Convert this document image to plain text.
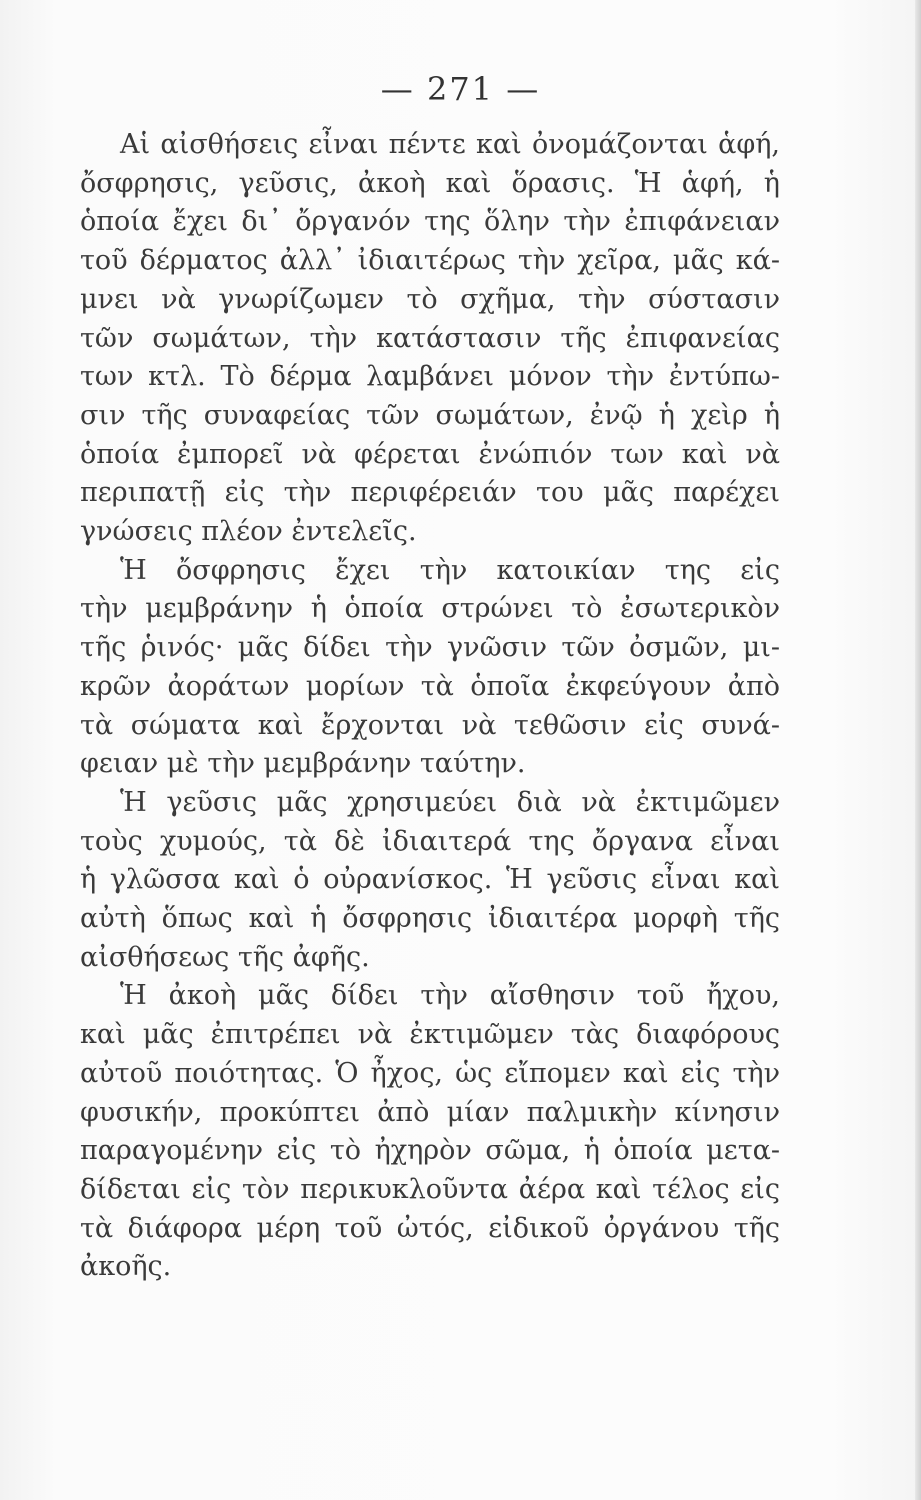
— 271 —
Αἱ αἰσθήσεις εἶναι πέντε καὶ ὀνομάζονται ἁφή,
ὄσφρησις, γεῦσις, ἀκοὴ καὶ ὅρασις. Ἡ ἁφή, ἡ
ὁποία ἔχει δι᾽ ὄργανόν της ὅλην τὴν ἐπιφάνειαν
τοῦ δέρματος ἀλλ᾽ ἰδιαιτέρως τὴν χεῖρα, μᾶς κά-
μνει νὰ γνωρίζωμεν τὸ σχῆμα, τὴν σύστασιν
τῶν σωμάτων, τὴν κατάστασιν τῆς ἐπιφανείας
των κτλ. Τὸ δέρμα λαμβάνει μόνον τὴν ἐντύπω-
σιν τῆς συναφείας τῶν σωμάτων, ἐνῷ ἡ χεὶρ ἡ
ὁποία ἐμπορεῖ νὰ φέρεται ἐνώπιόν των καὶ νὰ
περιπατῇ εἰς τὴν περιφέρειάν του μᾶς παρέχει
γνώσεις πλέον ἐντελεῖς.
Ἡ ὄσφρησις ἔχει τὴν κατοικίαν της εἰς
τὴν μεμβράνην ἡ ὁποία στρώνει τὸ ἐσωτερικὸν
τῆς ῥινός· μᾶς δίδει τὴν γνῶσιν τῶν ὀσμῶν, μι-
κρῶν ἀοράτων μορίων τὰ ὁποῖα ἐκφεύγουν ἀπὸ
τὰ σώματα καὶ ἔρχονται νὰ τεθῶσιν εἰς συνά-
φειαν μὲ τὴν μεμβράνην ταύτην.
Ἡ γεῦσις μᾶς χρησιμεύει διὰ νὰ ἐκτιμῶμεν
τοὺς χυμούς, τὰ δὲ ἰδιαιτερά της ὄργανα εἶναι
ἡ γλῶσσα καὶ ὁ οὐρανίσκος. Ἡ γεῦσις εἶναι καὶ
αὐτὴ ὅπως καὶ ἡ ὄσφρησις ἰδιαιτέρα μορφὴ τῆς
αἰσθήσεως τῆς ἀφῆς.
Ἡ ἀκοὴ μᾶς δίδει τὴν αἴσθησιν τοῦ ἤχου,
καὶ μᾶς ἐπιτρέπει νὰ ἐκτιμῶμεν τὰς διαφόρους
αὐτοῦ ποιότητας. Ὁ ἦχος, ὡς εἴπομεν καὶ εἰς τὴν
φυσικήν, προκύπτει ἀπὸ μίαν παλμικὴν κίνησιν
παραγομένην εἰς τὸ ἠχηρὸν σῶμα, ἡ ὁποία μετα-
δίδεται εἰς τὸν περικυκλοῦντα ἀέρα καὶ τέλος εἰς
τὰ διάφορα μέρη τοῦ ὠτός, εἰδικοῦ ὀργάνου τῆς
ἀκοῆς.
